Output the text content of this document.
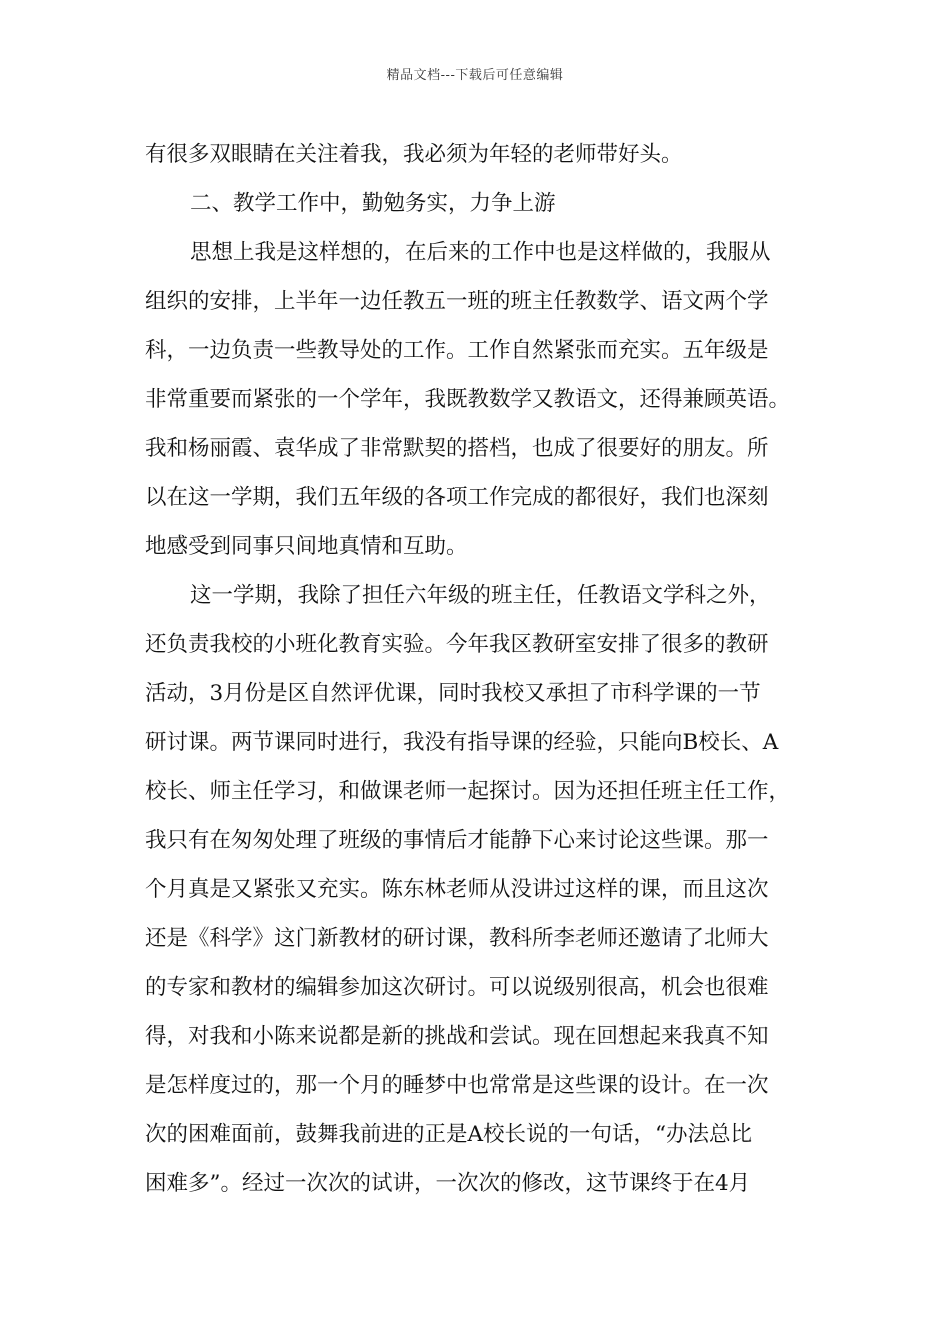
精品文档---下载后可任意编辑
有很多双眼睛在关注着我，我必须为年轻的老师带好头。
二、教学工作中，勤勉务实，力争上游
思想上我是这样想的，在后来的工作中也是这样做的，我服从
组织的安排，上半年一边任教五一班的班主任教数学、语文两个学
科，一边负责一些教导处的工作。工作自然紧张而充实。五年级是
非常重要而紧张的一个学年，我既教数学又教语文，还得兼顾英语。
我和杨丽霞、袁华成了非常默契的搭档，也成了很要好的朋友。所
以在这一学期，我们五年级的各项工作完成的都很好，我们也深刻
地感受到同事只间地真情和互助。
这一学期，我除了担任六年级的班主任，任教语文学科之外，
还负责我校的小班化教育实验。今年我区教研室安排了很多的教研
活动，3月份是区自然评优课，同时我校又承担了市科学课的一节
研讨课。两节课同时进行，我没有指导课的经验，只能向B校长、A
校长、师主任学习，和做课老师一起探讨。因为还担任班主任工作，
我只有在匆匆处理了班级的事情后才能静下心来讨论这些课。那一
个月真是又紧张又充实。陈东林老师从没讲过这样的课，而且这次
还是《科学》这门新教材的研讨课，教科所李老师还邀请了北师大
的专家和教材的编辑参加这次研讨。可以说级别很高，机会也很难
得，对我和小陈来说都是新的挑战和尝试。现在回想起来我真不知
是怎样度过的，那一个月的睡梦中也常常是这些课的设计。在一次
次的困难面前，鼓舞我前进的正是A校长说的一句话，“办法总比
困难多”。经过一次次的试讲，一次次的修改，这节课终于在4月
